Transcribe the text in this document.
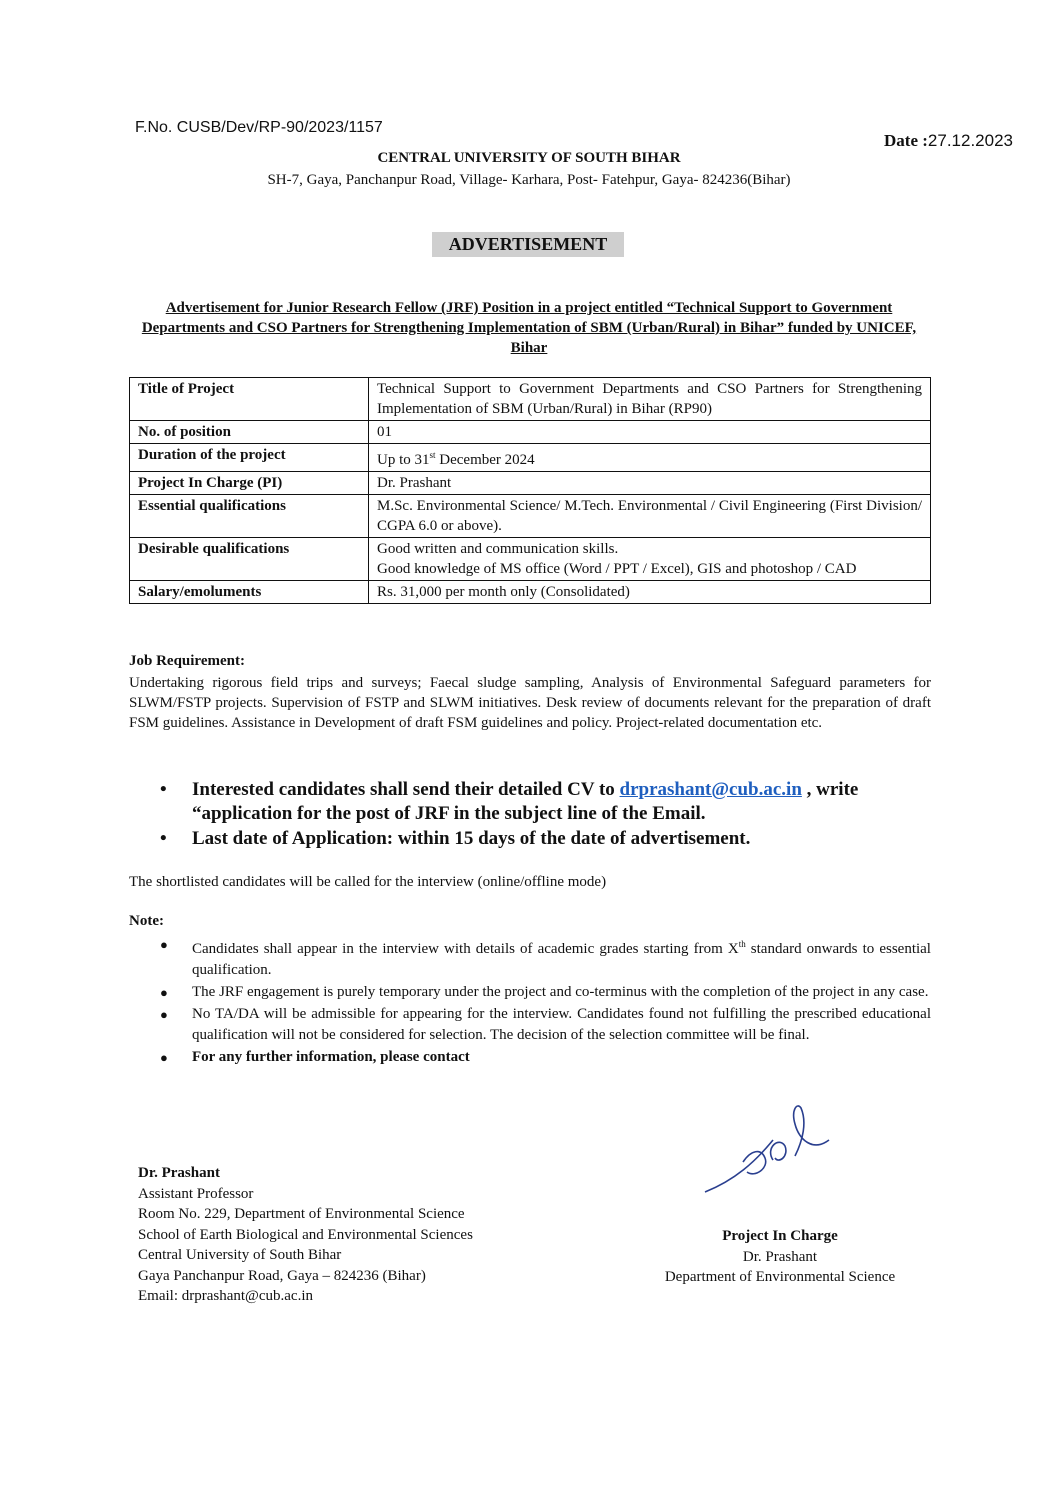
F.No. CUSB/Dev/RP-90/2023/1157
Date :27.12.2023
CENTRAL UNIVERSITY OF SOUTH BIHAR
SH-7, Gaya, Panchanpur Road, Village- Karhara, Post- Fatehpur, Gaya- 824236(Bihar)
ADVERTISEMENT
Advertisement for Junior Research Fellow (JRF) Position in a project entitled “Technical Support to Government Departments and CSO Partners for Strengthening Implementation of SBM (Urban/Rural) in Bihar” funded by UNICEF, Bihar
Title of Project	Technical Support to Government Departments and CSO Partners for Strengthening Implementation of SBM (Urban/Rural) in Bihar (RP90)
No. of position	01
Duration of the project	Up to 31st December 2024
Project In Charge (PI)	Dr. Prashant
Essential qualifications	M.Sc. Environmental Science/ M.Tech. Environmental / Civil Engineering (First Division/ CGPA 6.0 or above).
Desirable qualifications	Good written and communication skills.
Good knowledge of MS office (Word / PPT / Excel), GIS and photoshop / CAD

Salary/emoluments	Rs. 31,000 per month only (Consolidated)
Job Requirement:
Undertaking rigorous field trips and surveys; Faecal sludge sampling, Analysis of Environmental Safeguard parameters for SLWM/FSTP projects. Supervision of FSTP and SLWM initiatives. Desk review of documents relevant for the preparation of draft FSM guidelines. Assistance in Development of draft FSM guidelines and policy. Project-related documentation etc.
• Interested candidates shall send their detailed CV to drprashant@cub.ac.in , write “application for the post of JRF in the subject line of the Email.
• Last date of Application: within 15 days of the date of advertisement.
The shortlisted candidates will be called for the interview (online/offline mode)
Note:
● Candidates shall appear in the interview with details of academic grades starting from Xth standard onwards to essential qualification.
● The JRF engagement is purely temporary under the project and co-terminus with the completion of the project in any case.
● No TA/DA will be admissible for appearing for the interview. Candidates found not fulfilling the prescribed educational qualification will not be considered for selection. The decision of the selection committee will be final.
● For any further information, please contact
Dr. Prashant
Assistant Professor
Room No. 229, Department of Environmental Science
School of Earth Biological and Environmental Sciences
Central University of South Bihar
Gaya Panchanpur Road, Gaya – 824236 (Bihar)
Email: drprashant@cub.ac.in
Project In Charge
Dr. Prashant
Department of Environmental Science
